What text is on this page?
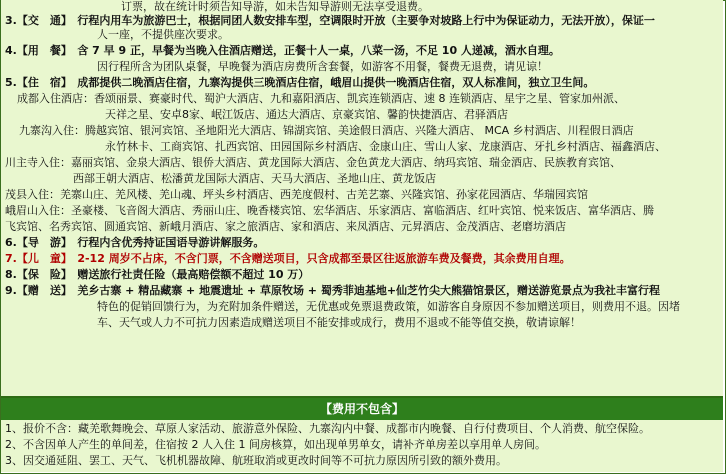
订票，故在统计时须告知导游，如未告知导游则无法享受退费。
3.【交　通】　行程内用车为旅游巴士，根据同团人数安排车型，空调限时开放（主要争对坡路上行中为保证动力，无法开放），保证一
人一座，不提供座次要求。
4.【用　餐】　含 7 早 9 正，早餐为当晚入住酒店赠送，正餐十人一桌，八菜一汤，不足 10 人递减，酒水自理。
因行程所含为团队桌餐，早晚餐为酒店房费所含套餐，如游客不用餐，餐费无退费，请见谅！
5.【住　宿】　成都提供二晚酒店住宿，九寨沟提供三晚酒店住宿，峨眉山提供一晚酒店住宿，双人标准间，独立卫生间。
成都入住酒店：香颂丽景、赛豪时代、蜀沪大酒店、九和嘉阳酒店、凯宾连锁酒店、速 8 连锁酒店、星宇之星、管家加州派、
天祥之星、安卓8家、岷江饭店、通达大酒店、京豪宾馆、馨韵快捷酒店、君驿酒店
九寨沟入住：腾越宾馆、银河宾馆、圣地阳光大酒店、锦湖宾馆、美途假日酒店、兴隆大酒店、 MCA 乡村酒店、川程假日酒店
永竹林卡、工商宾馆、扎西宾馆、田园国际乡村酒店、金康山庄、雪山人家、龙康酒店、牙扎乡村酒店、福鑫酒店、
川主寺入住：嘉丽宾馆、金泉大酒店、银侨大酒店、黄龙国际大酒店、金色黄龙大酒店、纳玛宾馆、瑞金酒店、民族教育宾馆、
西部王朝大酒店、松潘黄龙国际大酒店、天马大酒店、圣地山庄、黄龙饭店
茂县入住：羌寨山庄、羌风楼、羌山魂、坪头乡村酒店、西羌度假村、古羌艺寨、兴隆宾馆、孙家花园酒店、华瑞园宾馆
峨眉山入住：圣豪楼、飞音阁大酒店、秀丽山庄、晚香楼宾馆、宏华酒店、乐家酒店、富临酒店、红叶宾馆、悦来饭店、富华酒店、腾
飞宾馆、名秀宾馆、圆通宾馆、新峨月酒店、家之旅酒店、家和酒店、来凤酒店、元昇酒店、金茂酒店、老磨坊酒店
6.【导　游】　行程内含优秀持证国语导游讲解服务。
7.【儿　童】　2-12 周岁不占床，不含门票，不含赠送项目，只含成都至景区往返旅游车费及餐费，其余费用自理。
8.【保　险】　赠送旅行社责任险（最高赔偿额不超过 10 万）
9.【赠　送】　羌乡古寨 + 精品藏寨 + 地震遗址 + 草原牧场 + 蜀秀菲迪基地+仙芝竹尖大熊猫馆景区，赠送游览景点为我社丰富行程
特色的促销回馈行为，为充附加条件赠送，无优惠或免票退费政策，如游客自身原因不参加赠送项目，则费用不退。因堵
车、天气或人力不可抗力因素造成赠送项目不能安排或成行，费用不退或不能等值交换，敬请谅解！
【费用不包含】
1、报价不含：藏羌歌舞晚会、草原人家活动、旅游意外保险、九寨沟内中餐、成都市内晚餐、自行付费项目、个人消费、航空保险。
2、不含因单人产生的单间差，住宿按 2 人入住 1 间房核算，如出现单男单女，请补齐单房差以享用单人房间。
3、因交通延阻、罢工、天气、飞机机器故障、航班取消或更改时间等不可抗力原因所引致的额外费用。
